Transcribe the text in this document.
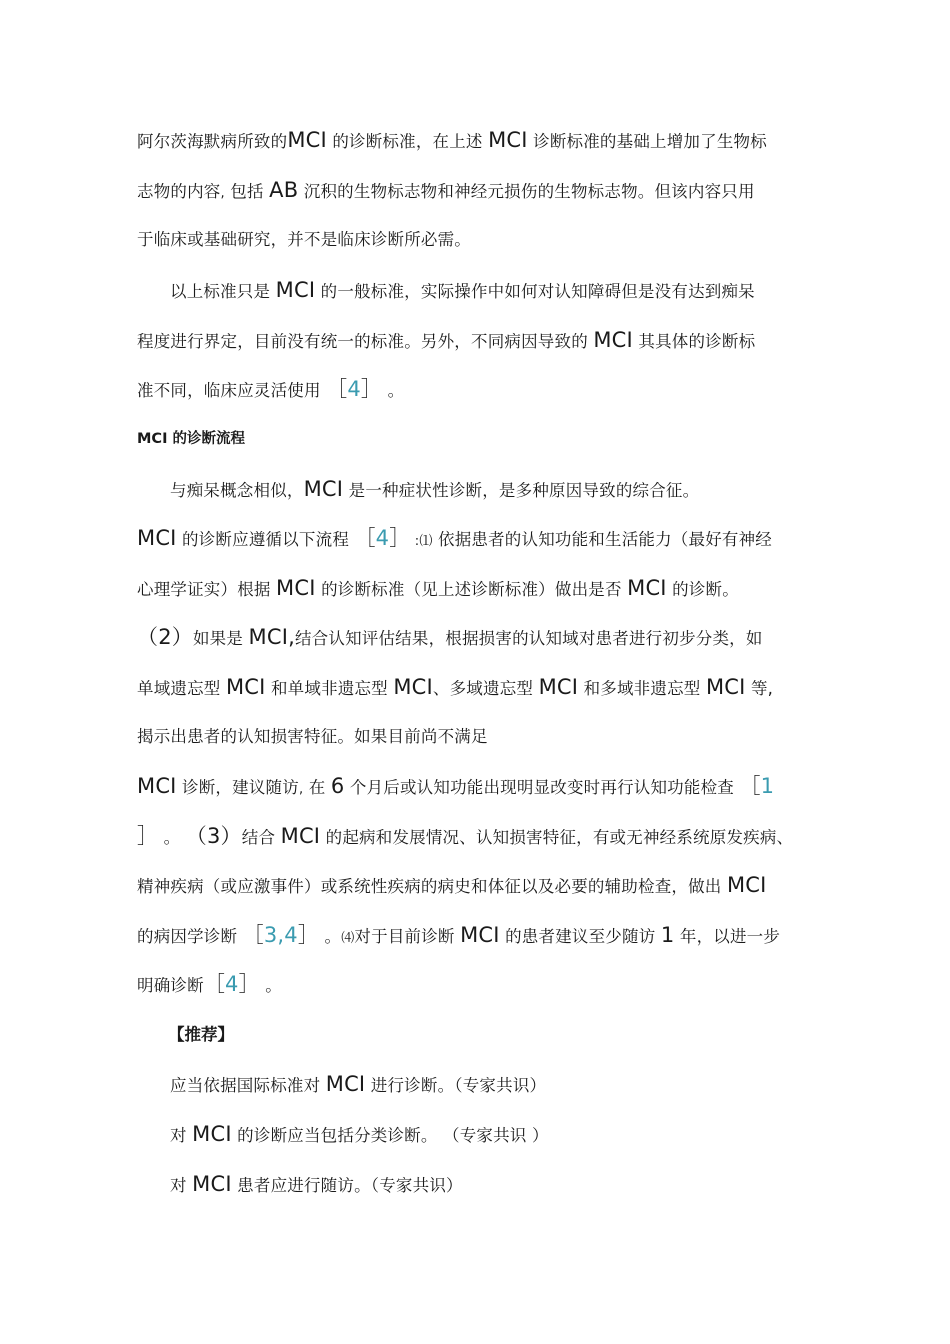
阿尔茨海默病所致的MCI 的诊断标准，在上述 MCI 诊断标准的基础上增加了生物标
志物的内容, 包括 AB 沉积的生物标志物和神经元损伤的生物标志物。但该内容只用
于临床或基础研究，并不是临床诊断所必需。
以上标准只是 MCI 的一般标准，实际操作中如何对认知障碍但是没有达到痴呆
程度进行界定，目前没有统一的标准。另外，不同病因导致的 MCI 其具体的诊断标
准不同，临床应灵活使用 ［4］ 。
MCI 的诊断流程
与痴呆概念相似，MCI 是一种症状性诊断，是多种原因导致的综合征。
MCI 的诊断应遵循以下流程 ［4］ :⑴ 依据患者的认知功能和生活能力（最好有神经
心理学证实）根据 MCI 的诊断标准（见上述诊断标准）做出是否 MCI 的诊断。
（2）如果是 MCI,结合认知评估结果，根据损害的认知域对患者进行初步分类，如
单域遗忘型 MCI 和单域非遗忘型 MCI、多域遗忘型 MCI 和多域非遗忘型 MCI 等,
揭示出患者的认知损害特征。如果目前尚不满足
MCI 诊断，建议随访, 在 6 个月后或认知功能出现明显改变时再行认知功能检查 ［1
］ 。 （3）结合 MCI 的起病和发展情况、认知损害特征，有或无神经系统原发疾病、
精神疾病（或应激事件）或系统性疾病的病史和体征以及必要的辅助检查，做出 MCI
的病因学诊断 ［3,4］ 。⑷对于目前诊断 MCI 的患者建议至少随访 1 年，以进一步
明确诊断［4］ 。
【推荐】
应当依据国际标准对 MCI 进行诊断。（专家共识）
对 MCI 的诊断应当包括分类诊断。 （专家共识 ）
对 MCI 患者应进行随访。（专家共识）
